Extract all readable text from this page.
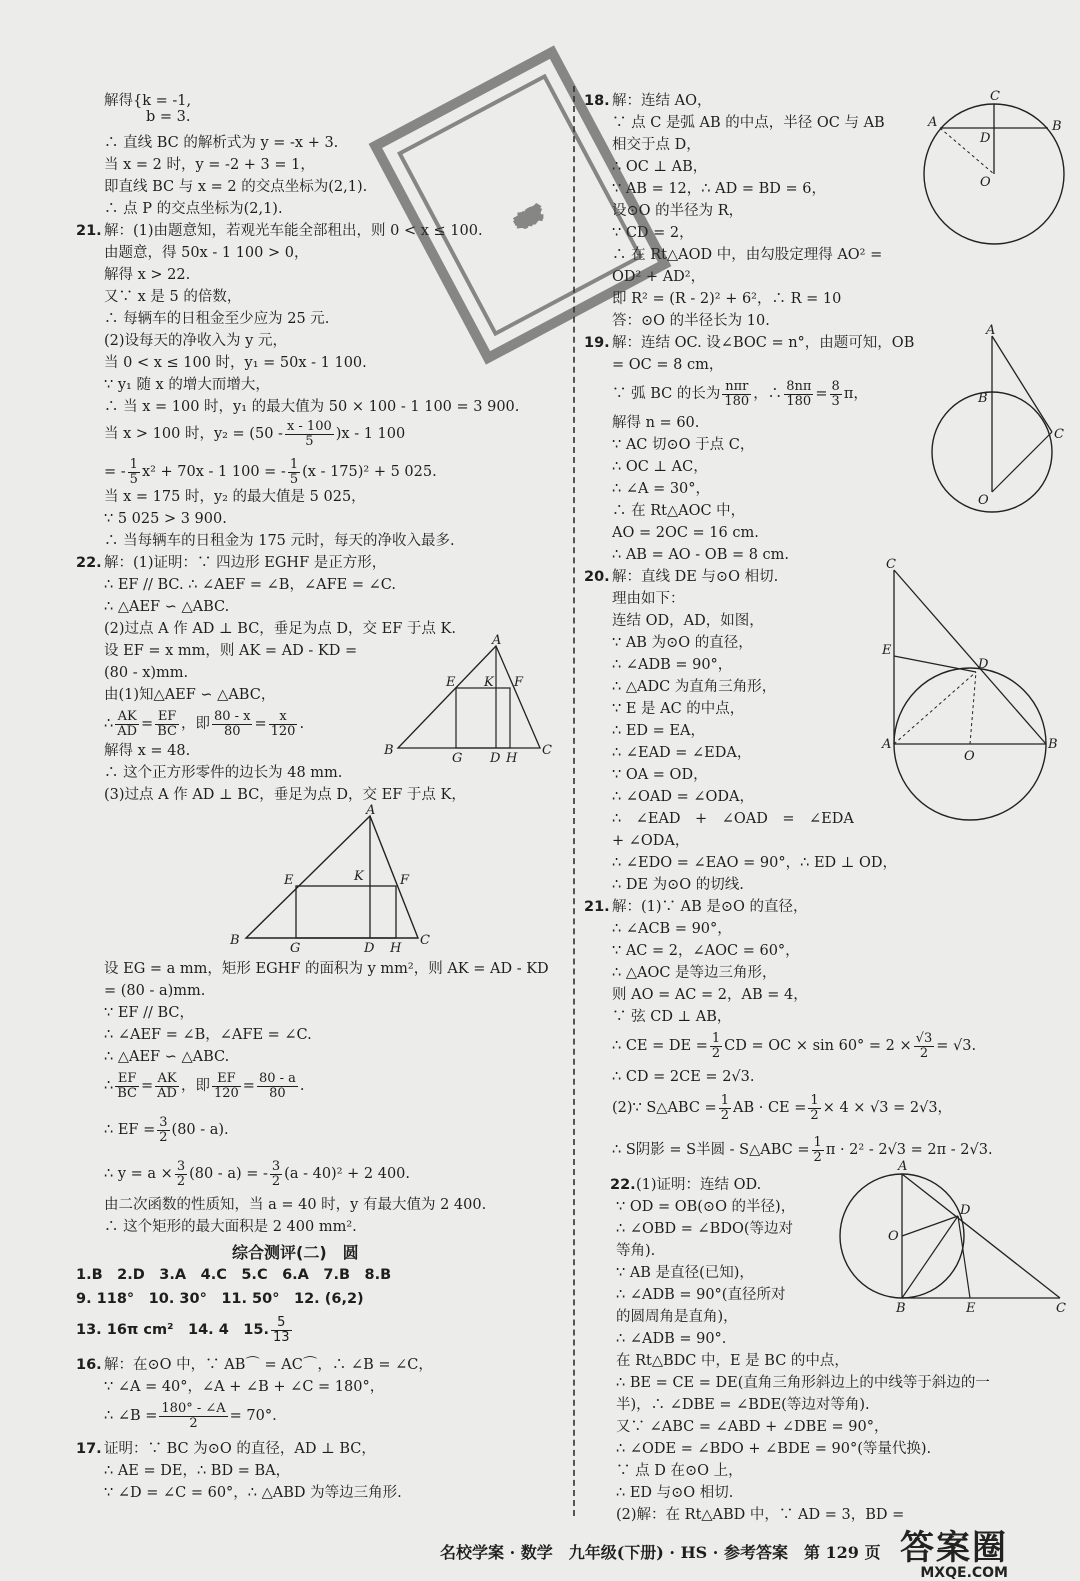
解得{k = -1,
b = 3.
∴ 直线 BC 的解析式为 y = -x + 3.
当 x = 2 时，y = -2 + 3 = 1，
即直线 BC 与 x = 2 的交点坐标为(2,1).
∴ 点 P 的交点坐标为(2,1).
21. 解：(1)由题意知，若观光车能全部租出，则 0 < x ≤ 100.
由题意，得 50x - 1 100 > 0，
解得 x > 22.
又∵ x 是 5 的倍数，
∴ 每辆车的日租金至少应为 25 元.
(2)设每天的净收入为 y 元，
当 0 < x ≤ 100 时，y₁ = 50x - 1 100.
∵ y₁ 随 x 的增大而增大，
∴ 当 x = 100 时，y₁ 的最大值为 50 × 100 - 1 100 = 3 900.
当 x > 100 时，$y_2 = (50 - \frac{x - 100}{5} )x - 1$ 100
= - $\frac{1}{5} x^2 + 70x - 1$ 100 = - $\frac{1}{5} (x - 175)^2 + 5$ 025.
当 x = 175 时，y₂ 的最大值是 5 025，
∵ 5 025 > 3 900.
∴ 当每辆车的日租金为 175 元时，每天的净收入最多.
22. 解：(1)证明：∵ 四边形 EGHF 是正方形，
∴ EF // BC. ∴ ∠AEF = ∠B，∠AFE = ∠C.
∴ △AEF ∽ △ABC.
(2)过点 A 作 AD ⊥ BC，垂足为点 D，交 EF 于点 K.
设 EF = x mm，则 AK = AD - KD =
(80 - x)mm.
由(1)知△AEF ∽ △ABC，
∴ $\frac{AK}{AD} = \frac{EF}{BC}$ ，即 $\frac{80 - x}{80} = \frac{x}{120}$ .
解得 x = 48.
∴ 这个正方形零件的边长为 48 mm.
(3)过点 A 作 AD ⊥ BC，垂足为点 D，交 EF 于点 K，
A
E K F
B
G D H
C
A
E	K	F
B
G	D H
C
设 EG = a mm，矩形 EGHF 的面积为 y mm²，则 AK = AD - KD
= (80 - a)mm.
∵ EF // BC，
∴ ∠AEF = ∠B，∠AFE = ∠C.
∴ △AEF ∽ △ABC.
∴ $\frac{EF}{BC} = \frac{AK}{AD}$ ，即 $\frac{EF}{120} = \frac{80 - a}{80}$ .
∴ EF = $\frac{3}{2} (80 - a)$.
∴ $y = a \times \frac{3}{2} (80 - a)$ = - $\frac{3}{2} (a - 40)^2 + 2$ 400.
由二次函数的性质知，当 a = 40 时，y 有最大值为 2 400.
∴ 这个矩形的最大面积是 2 400 mm².
综合测评(二)　圆
1.B　2.D　3.A　4.C　5.C　6.A　7.B　8.B
9. 118°　10. 30°　11. 50°　12. (6,2)
13. 16π cm²　14. 4　15. $\frac{5}{13}$
16. 解：在⊙O 中，∵ AB⌒ = AC⌒，∴ ∠B = ∠C，
∵ ∠A = 40°，∠A + ∠B + ∠C = 180°，
∴ ∠B = $\frac{180^\circ - \angle A}{2} = 70^\circ$.
17. 证明：∵ BC 为⊙O 的直径，AD ⊥ BC，
∴ AE = DE，∴ BD = BA，
∵ ∠D = ∠C = 60°，∴ △ABD 为等边三角形.
18. 解：连结 AO，
∵ 点 C 是弧 AB 的中点，半径 OC 与 AB
相交于点 D，
∴ OC ⊥ AB，
∵ AB = 12，∴ AD = BD = 6，
设⊙O 的半径为 R，
∵ CD = 2，
∴ 在 Rt△AOD 中，由勾股定理得 AO² =
OD² + AD²，
即 R² = (R - 2)² + 6²，∴ R = 10
答：⊙O 的半径长为 10.
C
A
D
B
O
19. 解：连结 OC. 设∠BOC = n°，由题可知，OB
= OC = 8 cm，
∵ 弧 BC 的长为 $\frac{\text{nπr}}{180}$ ，∴ $\frac{8n\pi}{180} = \frac{8}{3}$ π，
解得 n = 60.
∵ AC 切⊙O 于点 C，
∴ OC ⊥ AC，
∴ ∠A = 30°，
∴ 在 Rt△AOC 中，
AO = 2OC = 16 cm.
∴ AB = AO - OB = 8 cm.
A
B
C
O
20. 解：直线 DE 与⊙O 相切.
理由如下：
连结 OD，AD，如图，
∵ AB 为⊙O 的直径，
∴ ∠ADB = 90°，
∴ △ADC 为直角三角形，
∵ E 是 AC 的中点，
∴ ED = EA，
∴ ∠EAD = ∠EDA，
∵ OA = OD，
∴ ∠OAD = ∠ODA，
∴　∠EAD　+　∠OAD　=　∠EDA
+ ∠ODA，
∴ ∠EDO = ∠EAO = 90°，∴ ED ⊥ OD，
∴ DE 为⊙O 的切线.
C
E
D
A
O
B
21. 解：(1)∵ AB 是⊙O 的直径，
∴ ∠ACB = 90°，
∵ AC = 2，∠AOC = 60°，
∴ △AOC 是等边三角形，
则 AO = AC = 2，AB = 4，
∵ 弦 CD ⊥ AB，
∴ CE = DE = $\frac{1}{2}$ CD = OC × $\sin 60^\circ = 2 \times \frac{√3}{2} = √3$.
∴ CD = 2CE = 2√3.
(2)∵ S△ABC = $\frac{1}{2}$ AB · CE = $\frac{1}{2} \times 4 \times √3 = 2√3$，
∴ S阴影 = S半圆 - S△ABC = $\frac{1}{2}$ π · 2² - 2√3 = 2π - 2√3.
22. (1)证明：连结 OD.
∵ OD = OB(⊙O 的半径)，
∴ ∠OBD = ∠BDO(等边对
等角).
∵ AB 是直径(已知)，
∴ ∠ADB = 90°(直径所对
的圆周角是直角)，
∴ ∠ADB = 90°.
在 Rt△BDC 中，E 是 BC 的中点，
∴ BE = CE = DE(直角三角形斜边上的中线等于斜边的一
半)，∴ ∠DBE = ∠BDE(等边对等角).
又∵ ∠ABC = ∠ABD + ∠DBE = 90°，
∴ ∠ODE = ∠BDO + ∠BDE = 90°(等量代换).
∵ 点 D 在⊙O 上，
∴ ED 与⊙O 相切.
(2)解：在 Rt△ABD 中，∵ AD = 3，BD =
A
O
D
B	E	C
专版
名校学案 · 数学　九年级(下册) · HS · 参考答案　第 129 页 答案圈
MXQE.COM
